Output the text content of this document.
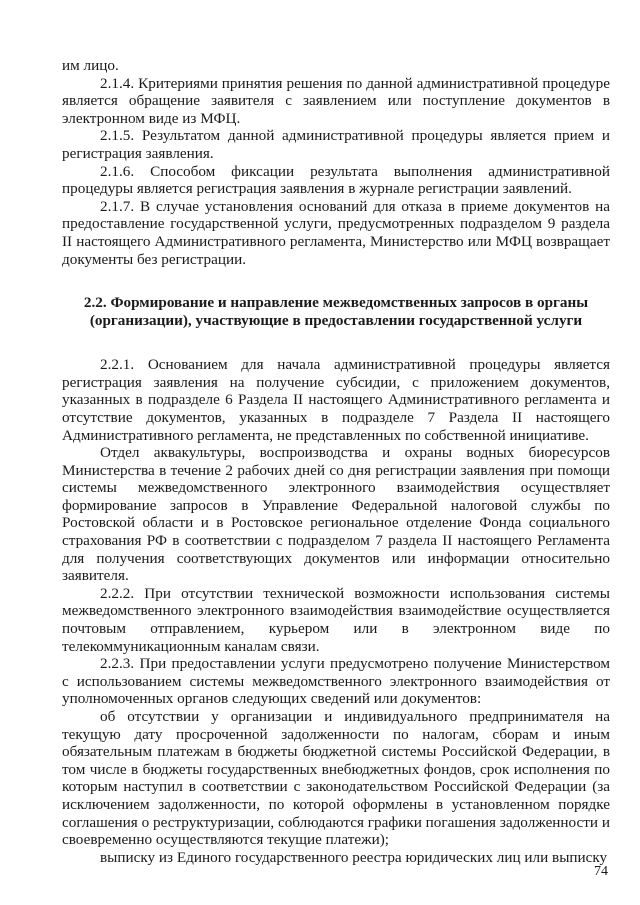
им лицо.

2.1.4. Критериями принятия решения по данной административной процедуре является обращение заявителя с заявлением или поступление документов в электронном виде из МФЦ.

2.1.5. Результатом данной административной процедуры является прием и регистрация заявления.

2.1.6. Способом фиксации результата выполнения административной процедуры является регистрация заявления в журнале регистрации заявлений.

2.1.7. В случае установления оснований для отказа в приеме документов на предоставление государственной услуги, предусмотренных подразделом 9 раздела II настоящего Административного регламента, Министерство или МФЦ возвращает документы без регистрации.

2.2. Формирование и направление межведомственных запросов в органы (организации), участвующие в предоставлении государственной услуги

2.2.1. Основанием для начала административной процедуры является регистрация заявления на получение субсидии, с приложением документов, указанных в подразделе 6 Раздела II настоящего Административного регламента и отсутствие документов, указанных в подразделе 7 Раздела II настоящего Административного регламента, не представленных по собственной инициативе.

Отдел аквакультуры, воспроизводства и охраны водных биоресурсов Министерства в течение 2 рабочих дней со дня регистрации заявления при помощи системы межведомственного электронного взаимодействия осуществляет формирование запросов в Управление Федеральной налоговой службы по Ростовской области и в Ростовское региональное отделение Фонда социального страхования РФ в соответствии с подразделом 7 раздела II настоящего Регламента для получения соответствующих документов или информации относительно заявителя.

2.2.2. При отсутствии технической возможности использования системы межведомственного электронного взаимодействия взаимодействие осуществляется почтовым отправлением, курьером или в электронном виде по телекоммуникационным каналам связи.

2.2.3. При предоставлении услуги предусмотрено получение Министерством с использованием системы межведомственного электронного взаимодействия от уполномоченных органов следующих сведений или документов:

об отсутствии у организации и индивидуального предпринимателя на текущую дату просроченной задолженности по налогам, сборам и иным обязательным платежам в бюджеты бюджетной системы Российской Федерации, в том числе в бюджеты государственных внебюджетных фондов, срок исполнения по которым наступил в соответствии с законодательством Российской Федерации (за исключением задолженности, по которой оформлены в установленном порядке соглашения о реструктуризации, соблюдаются графики погашения задолженности и своевременно осуществляются текущие платежи);

выписку из Единого государственного реестра юридических лиц или выписку

74
